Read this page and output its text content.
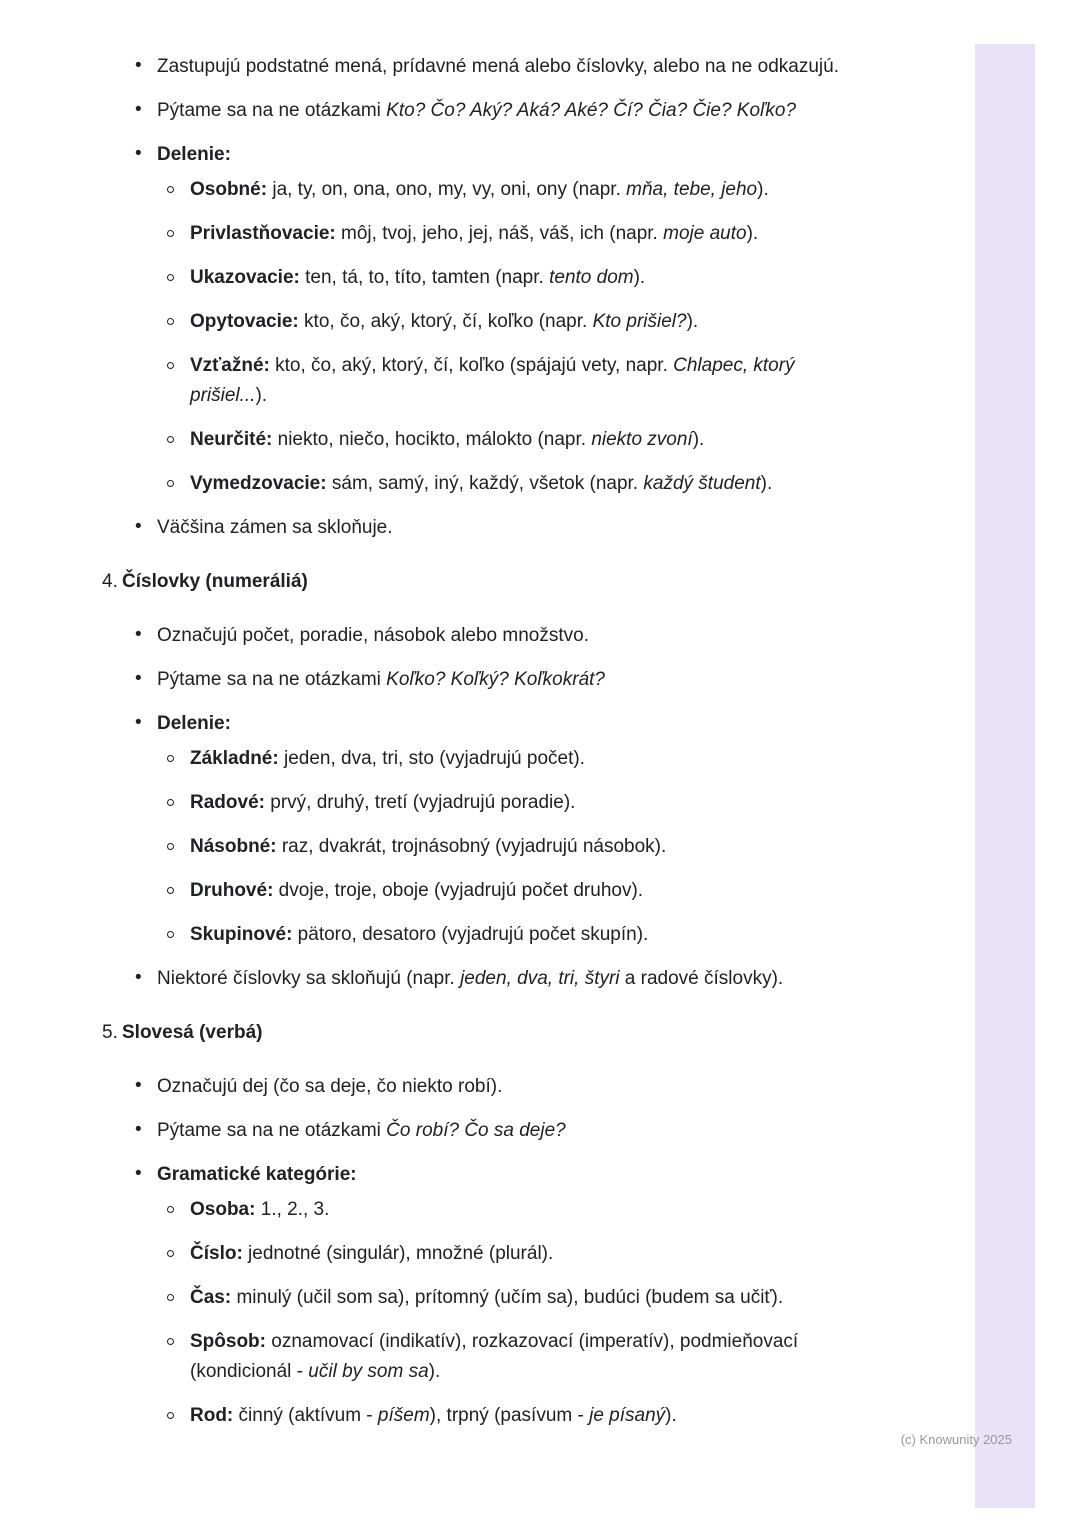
• Zastupujú podstatné mená, prídavné mená alebo číslovky, alebo na ne odkazujú.
• Pýtame sa na ne otázkami Kto? Čo? Aký? Aká? Aké? Čí? Čia? Čie? Koľko?
• Delenie:
Osobné: ja, ty, on, ona, ono, my, vy, oni, ony (napr. mňa, tebe, jeho).
Privlastňovacie: môj, tvoj, jeho, jej, náš, váš, ich (napr. moje auto).
Ukazovacie: ten, tá, to, títo, tamten (napr. tento dom).
Opytovacie: kto, čo, aký, ktorý, čí, koľko (napr. Kto prišiel?).
Vzťažné: kto, čo, aký, ktorý, čí, koľko (spájajú vety, napr. Chlapec, ktorý prišiel...).
Neurčité: niekto, niečo, hocikto, málokto (napr. niekto zvoní).
Vymedzovacie: sám, samý, iný, každý, všetok (napr. každý študent).
• Väčšina zámen sa skloňuje.
4. Číslovky (numeráliá)
• Označujú počet, poradie, násobok alebo množstvo.
• Pýtame sa na ne otázkami Koľko? Koľký? Koľkokrát?
• Delenie:
Základné: jeden, dva, tri, sto (vyjadrujú počet).
Radové: prvý, druhý, tretí (vyjadrujú poradie).
Násobné: raz, dvakrát, trojnásobný (vyjadrujú násobok).
Druhové: dvoje, troje, oboje (vyjadrujú počet druhov).
Skupinové: pätoro, desatoro (vyjadrujú počet skupín).
• Niektoré číslovky sa skloňujú (napr. jeden, dva, tri, štyri a radové číslovky).
5. Slovesá (verbá)
• Označujú dej (čo sa deje, čo niekto robí).
• Pýtame sa na ne otázkami Čo robí? Čo sa deje?
• Gramatické kategórie:
Osoba: 1., 2., 3.
Číslo: jednotné (singulár), množné (plurál).
Čas: minulý (učil som sa), prítomný (učím sa), budúci (budem sa učiť).
Spôsob: oznamovací (indikatív), rozkazovací (imperatív), podmieňovací (kondicionál - učil by som sa).
Rod: činný (aktívum - píšem), trpný (pasívum - je písaný).
(c) Knowunity 2025
